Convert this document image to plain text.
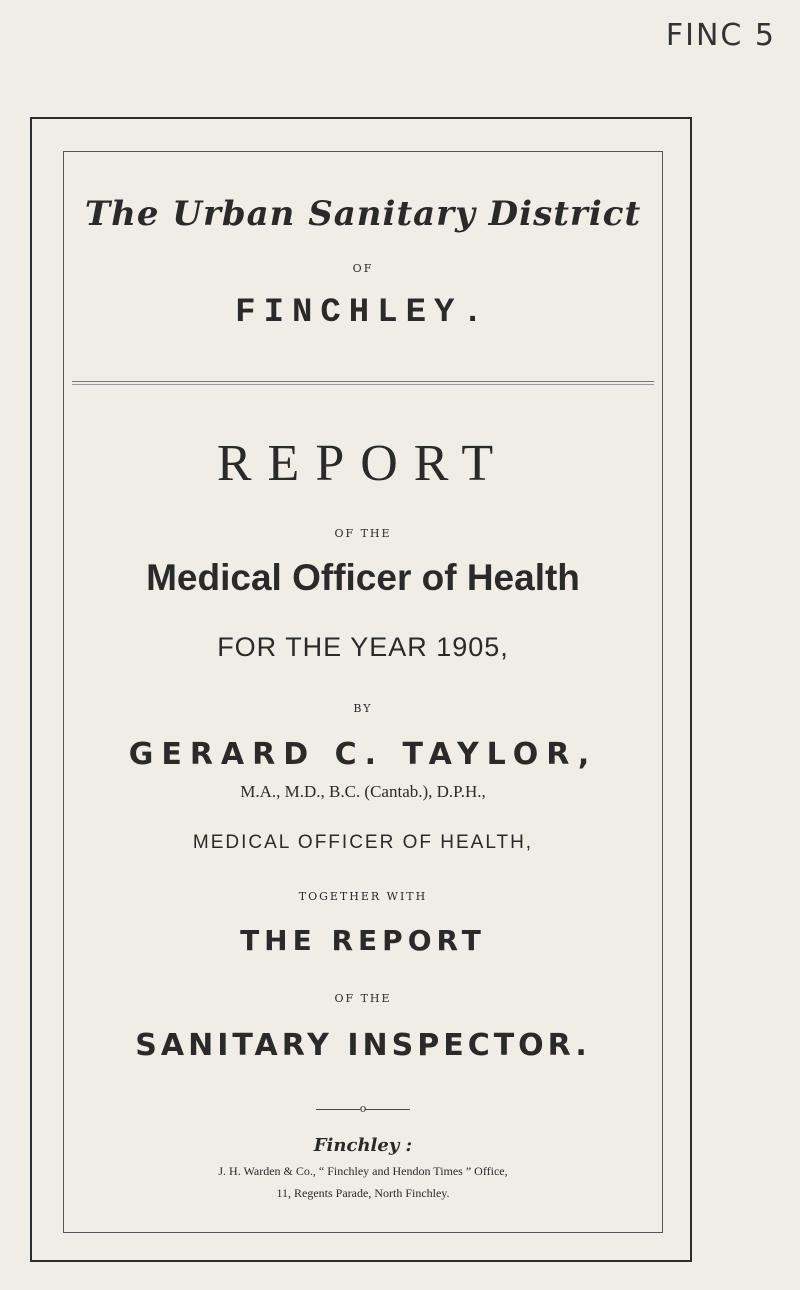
FINC 5
The Urban Sanitary District
OF
FINCHLEY.
REPORT
OF THE
Medical Officer of Health
FOR THE YEAR 1905,
BY
GERARD C. TAYLOR,
M.A., M.D., B.C. (Cantab.), D.P.H.,
MEDICAL OFFICER OF HEALTH,
TOGETHER WITH
THE REPORT
OF THE
SANITARY INSPECTOR.
o
Finchley :
J. H. Warden & Co., “ Finchley and Hendon Times ” Office,
11, Regents Parade, North Finchley.
